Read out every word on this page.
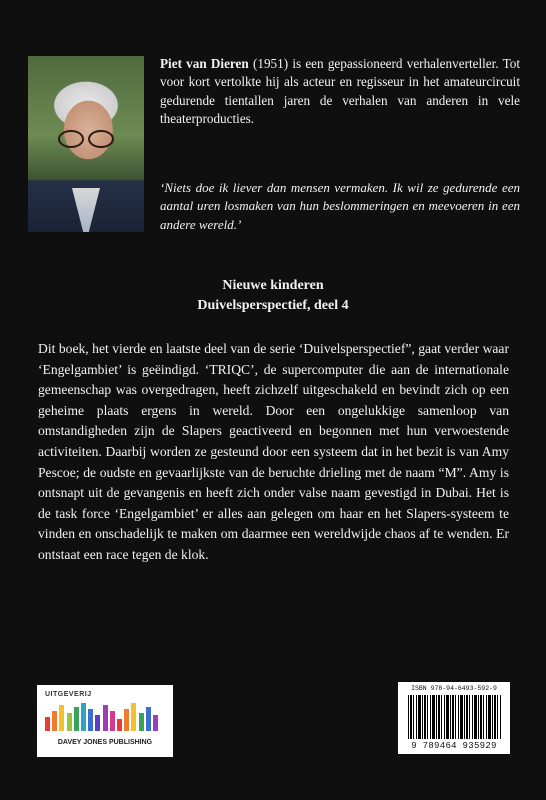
Piet van Dieren (1951) is een gepassioneerd verhalenverteller. Tot voor kort vertolkte hij als acteur en regisseur in het amateurcircuit gedurende tientallen jaren de verhalen van anderen in vele theaterproducties.
‘Niets doe ik liever dan mensen vermaken. Ik wil ze gedurende een aantal uren losmaken van hun beslommeringen en meevoeren in een andere wereld.’
Nieuwe kinderen
Duivelsperspectief, deel 4
Dit boek, het vierde en laatste deel van de serie ‘Duivelsperspectief”, gaat verder waar ‘Engelgambiet’ is geëindigd. ‘TRIQC’, de supercomputer die aan de internationale gemeenschap was overgedragen, heeft zichzelf uitgeschakeld en bevindt zich op een geheime plaats ergens in wereld. Door een ongelukkige samenloop van omstandigheden zijn de Slapers geactiveerd en begonnen met hun verwoestende activiteiten. Daarbij worden ze gesteund door een systeem dat in het bezit is van Amy Pescoe; de oudste en gevaarlijkste van de beruchte drieling met de naam “M”. Amy is ontsnapt uit de gevangenis en heeft zich onder valse naam gevestigd in Dubai. Het is de task force ‘Engelgambiet’ er alles aan gelegen om haar en het Slapers-systeem te vinden en onschadelijk te maken om daarmee een wereldwijde chaos af te wenden. Er ontstaat een race tegen de klok.
UITGEVERIJ
DAVEY JONES PUBLISHING
ISBN 978-94-6493-592-9
9 789464 935929
